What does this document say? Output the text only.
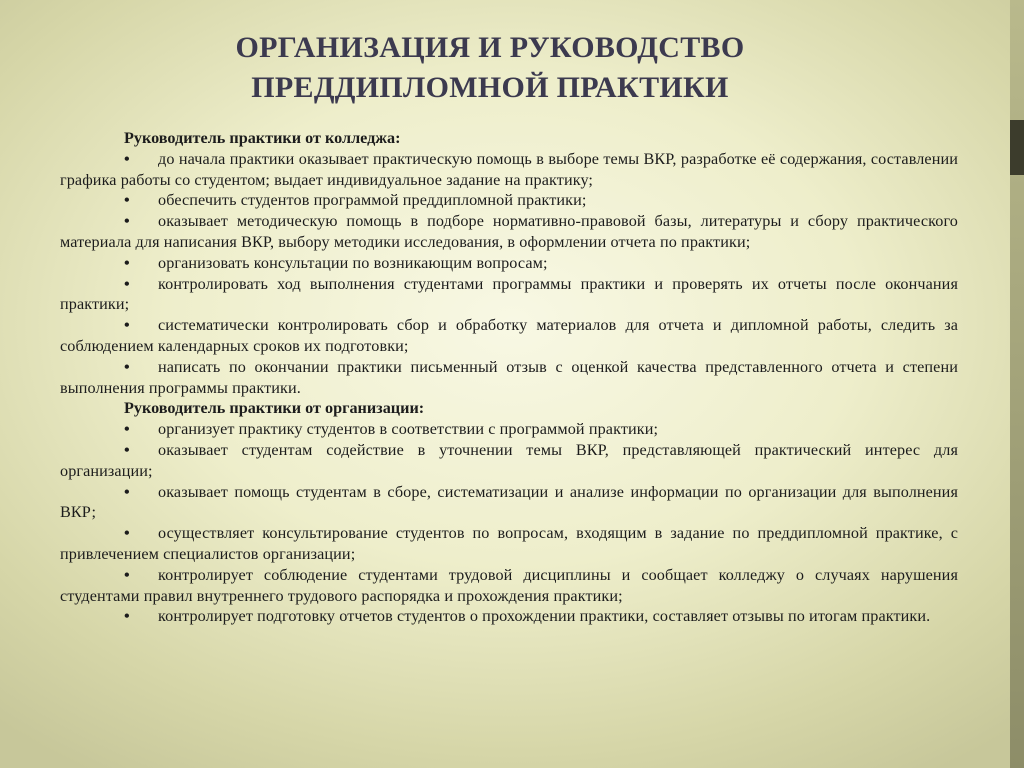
ОРГАНИЗАЦИЯ И РУКОВОДСТВО
ПРЕДДИПЛОМНОЙ ПРАКТИКИ
Руководитель практики от колледжа:
• до начала практики оказывает практическую помощь в выборе темы ВКР, разработке её содержания, составлении графика работы со студентом; выдает индивидуальное задание на практику;
• обеспечить студентов программой преддипломной практики;
• оказывает методическую помощь в подборе нормативно-правовой базы, литературы и сбору практического материала для написания ВКР, выбору методики исследования, в оформлении отчета по практики;
• организовать консультации по возникающим вопросам;
• контролировать ход выполнения студентами программы практики и проверять их отчеты после окончания практики;
• систематически контролировать сбор и обработку материалов для отчета и дипломной работы, следить за соблюдением календарных сроков их подготовки;
• написать по окончании практики письменный отзыв с оценкой качества представленного отчета и степени выполнения программы практики.
Руководитель практики от организации:
• организует практику студентов в соответствии с программой практики;
• оказывает студентам содействие в уточнении темы ВКР, представляющей практический интерес для организации;
• оказывает помощь студентам в сборе, систематизации и анализе информации по организации для выполнения ВКР;
• осуществляет консультирование студентов по вопросам, входящим в задание по преддипломной практике, с привлечением специалистов организации;
• контролирует соблюдение студентами трудовой дисциплины и сообщает колледжу о случаях нарушения студентами правил внутреннего трудового распорядка и прохождения практики;
• контролирует подготовку отчетов студентов о прохождении практики, составляет отзывы по итогам практики.
